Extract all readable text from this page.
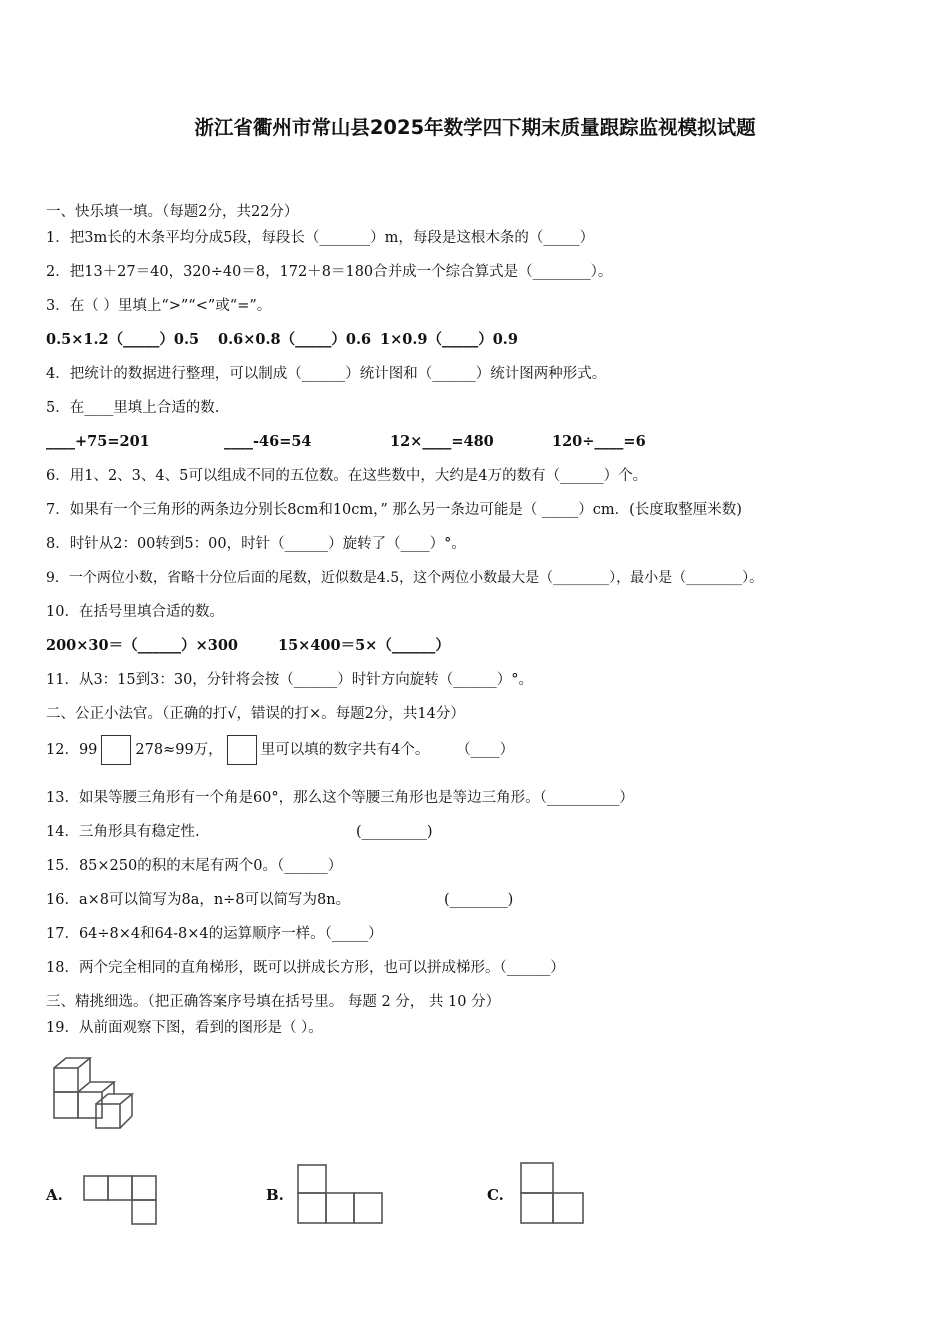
浙江省衢州市常山县2025年数学四下期末质量跟踪监视模拟试题
一、快乐填一填。（每题2分，共22分）
1．把3m长的木条平均分成5段，每段长（_______）m，每段是这根木条的（_____）
2．把13＋27＝40，320÷40＝8，172＋8＝180合并成一个综合算式是（________）。
3．在（ ）里填上“>”“<”或“=”。
0.5×1.2（_____）0.5 0.6×0.8（_____）0.6 1×0.9（_____）0.9
4．把统计的数据进行整理，可以制成（______）统计图和（______）统计图两种形式。
5．在____里填上合适的数.
____+75=201	____-46=54	12×____=480	120÷____=6
6．用1、2、3、4、5可以组成不同的五位数。在这些数中，大约是4万的数有（______）个。
7．如果有一个三角形的两条边分别长8cm和10cm，” 那么另一条边可能是（ _____）cm．(长度取整厘米数)
8．时针从2：00转到5：00，时针（______）旋转了（____）°。
9．一个两位小数，省略十分位后面的尾数，近似数是4.5，这个两位小数最大是（________），最小是（________）。
10．在括号里填合适的数。
200×30＝（______）×300	15×400＝5×（______）
11．从3：15到3：30，分针将会按（______）时针方向旋转（______）°。
二、公正小法官。（正确的打√，错误的打×。每题2分，共14分）
12．99	278≈99万，	里可以填的数字共有4个。 （____）
13．如果等腰三角形有一个角是60°，那么这个等腰三角形也是等边三角形。（__________）
14．三角形具有稳定性.	(_________)
15．85×250的积的末尾有两个0。（______）
16．a×8可以简写为8a，n÷8可以简写为8n。	(________)
17．64÷8×4和64-8×4的运算顺序一样。（_____）
18．两个完全相同的直角梯形，既可以拼成长方形，也可以拼成梯形。（______）
三、精挑细选。（把正确答案序号填在括号里。 每题 2 分， 共 10 分）
19．从前面观察下图，看到的图形是（ ）。
A.	B.	C.
